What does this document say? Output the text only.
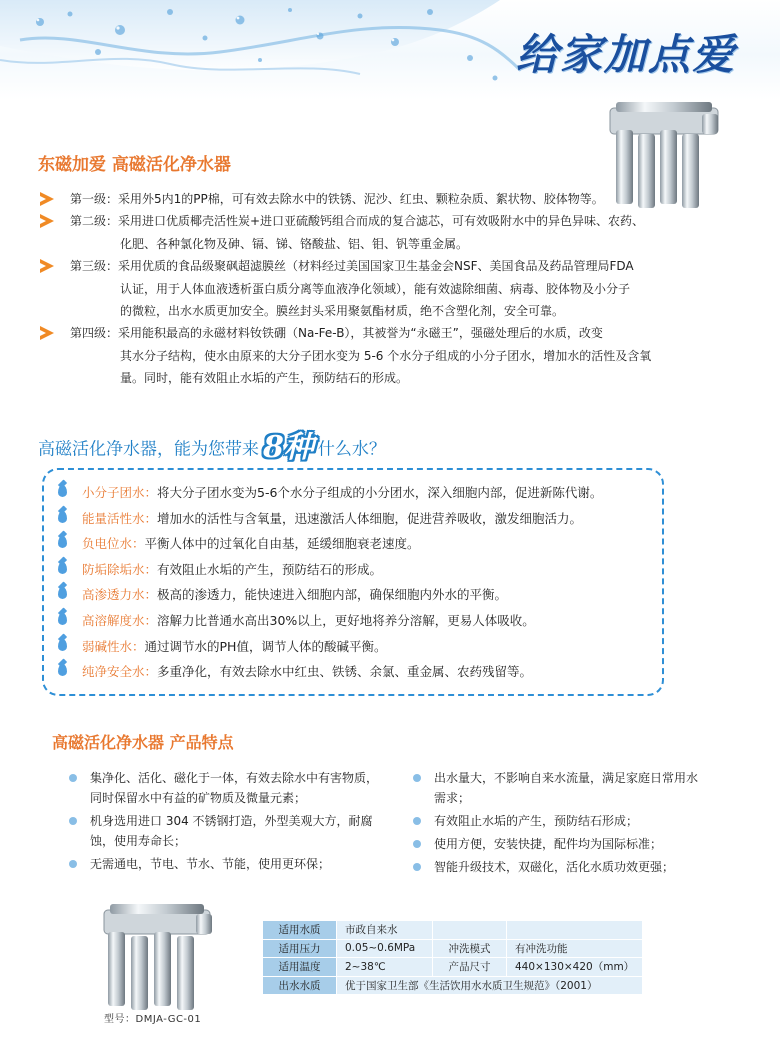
给家加点爱
东磁加爱 高磁活化净水器
第一级：采用外5内1的PP棉，可有效去除水中的铁锈、泥沙、红虫、颗粒杂质、絮状物、胶体物等。
第二级：采用进口优质椰壳活性炭+进口亚硫酸钙组合而成的复合滤芯，可有效吸附水中的异色异味、农药、
化肥、各种氯化物及砷、镉、锑、铬酸盐、铝、钼、钒等重金属。
第三级：采用优质的食品级聚砜超滤膜丝（材料经过美国国家卫生基金会NSF、美国食品及药品管理局FDA
认证，用于人体血液透析蛋白质分离等血液净化领域），能有效滤除细菌、病毒、胶体物及小分子
的微粒，出水水质更加安全。膜丝封头采用聚氨酯材质，绝不含塑化剂，安全可靠。
第四级：采用能积最高的永磁材料钕铁硼（Na-Fe-B），其被誉为“永磁王”，强磁处理后的水质，改变
其水分子结构，使水由原来的大分子团水变为 5-6 个水分子组成的小分子团水，增加水的活性及含氧
量。同时，能有效阻止水垢的产生，预防结石的形成。
高磁活化净水器，能为您带来 8种 什么水？
小分子团水：将大分子团水变为5-6个水分子组成的小分团水，深入细胞内部，促进新陈代谢。
能量活性水：增加水的活性与含氧量，迅速激活人体细胞，促进营养吸收，激发细胞活力。
负电位水：平衡人体中的过氧化自由基，延缓细胞衰老速度。
防垢除垢水：有效阻止水垢的产生，预防结石的形成。
高渗透力水：极高的渗透力，能快速进入细胞内部，确保细胞内外水的平衡。
高溶解度水：溶解力比普通水高出30%以上，更好地将养分溶解，更易人体吸收。
弱碱性水：通过调节水的PH值，调节人体的酸碱平衡。
纯净安全水：多重净化，有效去除水中红虫、铁锈、余氯、重金属、农药残留等。
高磁活化净水器 产品特点
集净化、活化、磁化于一体，有效去除水中有害物质，
同时保留水中有益的矿物质及微量元素；
机身选用进口 304 不锈钢打造，外型美观大方，耐腐
蚀，使用寿命长；
无需通电，节电、节水、节能，使用更环保；
出水量大，不影响自来水流量，满足家庭日常用水
需求；
有效阻止水垢的产生，预防结石形成；
使用方便，安装快捷，配件均为国际标准；
智能升级技术，双磁化，活化水质功效更强；
型号：DMJA-GC-01
适用水质	市政自来水		
适用压力	0.05~0.6MPa	冲洗模式	有冲洗功能
适用温度	2~38℃	产品尺寸	440×130×420（mm）
出水水质	优于国家卫生部《生活饮用水水质卫生规范》（2001）		
